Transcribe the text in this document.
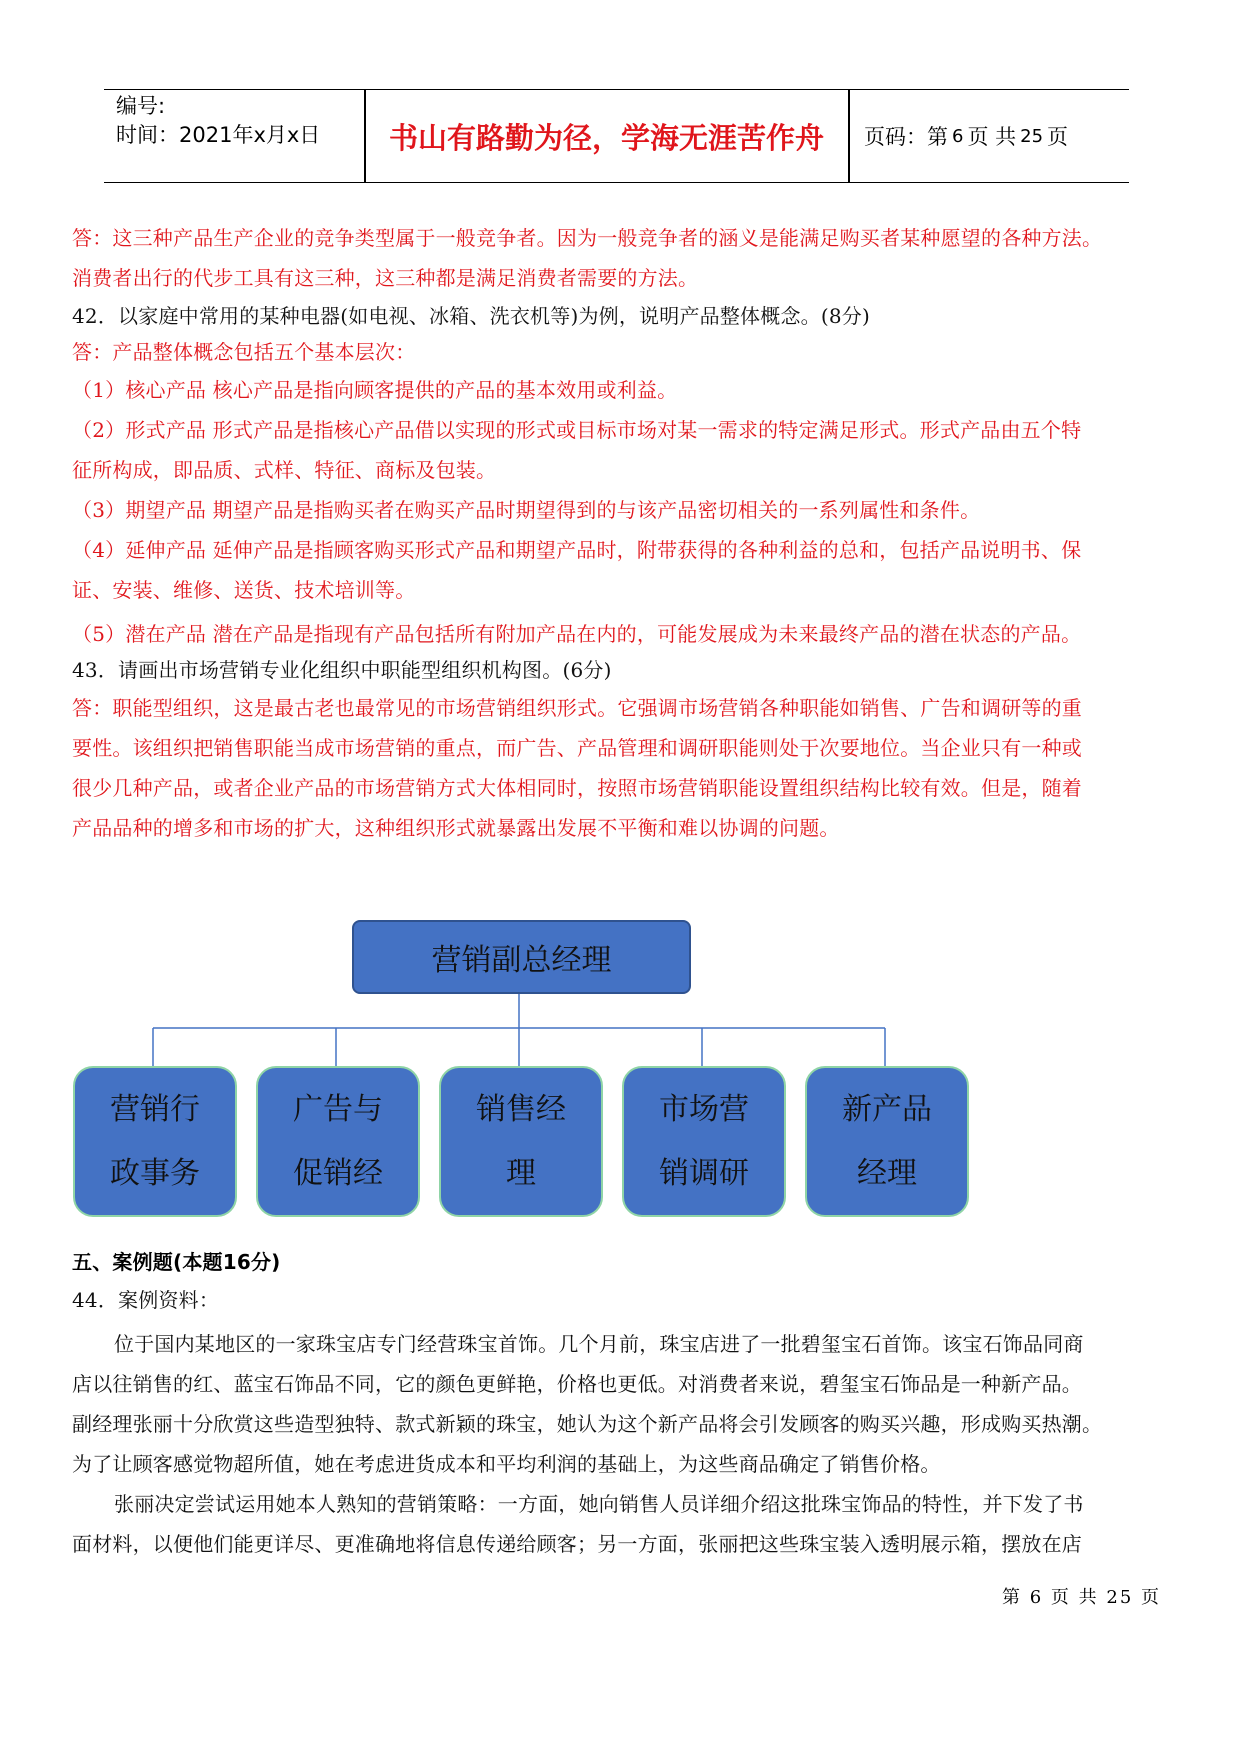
编号:
时间：2021年x月x日	书山有路勤为径，学海无涯苦作舟	页码：第 6 页 共 25 页
答：这三种产品生产企业的竞争类型属于一般竞争者。因为一般竞争者的涵义是能满足购买者某种愿望的各种方法。
消费者出行的代步工具有这三种，这三种都是满足消费者需要的方法。
42．以家庭中常用的某种电器(如电视、冰箱、洗衣机等)为例，说明产品整体概念。(8分)
答：产品整体概念包括五个基本层次：
（1）核心产品 核心产品是指向顾客提供的产品的基本效用或利益。
（2）形式产品 形式产品是指核心产品借以实现的形式或目标市场对某一需求的特定满足形式。形式产品由五个特
征所构成，即品质、式样、特征、商标及包装。
（3）期望产品 期望产品是指购买者在购买产品时期望得到的与该产品密切相关的一系列属性和条件。
（4）延伸产品 延伸产品是指顾客购买形式产品和期望产品时，附带获得的各种利益的总和，包括产品说明书、保
证、安装、维修、送货、技术培训等。
（5）潜在产品 潜在产品是指现有产品包括所有附加产品在内的，可能发展成为未来最终产品的潜在状态的产品。
43．请画出市场营销专业化组织中职能型组织机构图。(6分)
答：职能型组织，这是最古老也最常见的市场营销组织形式。它强调市场营销各种职能如销售、广告和调研等的重
要性。该组织把销售职能当成市场营销的重点，而广告、产品管理和调研职能则处于次要地位。当企业只有一种或
很少几种产品，或者企业产品的市场营销方式大体相同时，按照市场营销职能设置组织结构比较有效。但是，随着
产品品种的增多和市场的扩大，这种组织形式就暴露出发展不平衡和难以协调的问题。
营销副总经理
营销行
政事务
广告与
促销经
销售经
理
市场营
销调研
新产品
经理
五、案例题(本题16分)
44．案例资料：
位于国内某地区的一家珠宝店专门经营珠宝首饰。几个月前，珠宝店进了一批碧玺宝石首饰。该宝石饰品同商
店以往销售的红、蓝宝石饰品不同，它的颜色更鲜艳，价格也更低。对消费者来说，碧玺宝石饰品是一种新产品。
副经理张丽十分欣赏这些造型独特、款式新颖的珠宝，她认为这个新产品将会引发顾客的购买兴趣，形成购买热潮。
为了让顾客感觉物超所值，她在考虑进货成本和平均利润的基础上，为这些商品确定了销售价格。
张丽决定尝试运用她本人熟知的营销策略：一方面，她向销售人员详细介绍这批珠宝饰品的特性，并下发了书
面材料，以便他们能更详尽、更准确地将信息传递给顾客；另一方面，张丽把这些珠宝装入透明展示箱，摆放在店
第 6 页 共 25 页
